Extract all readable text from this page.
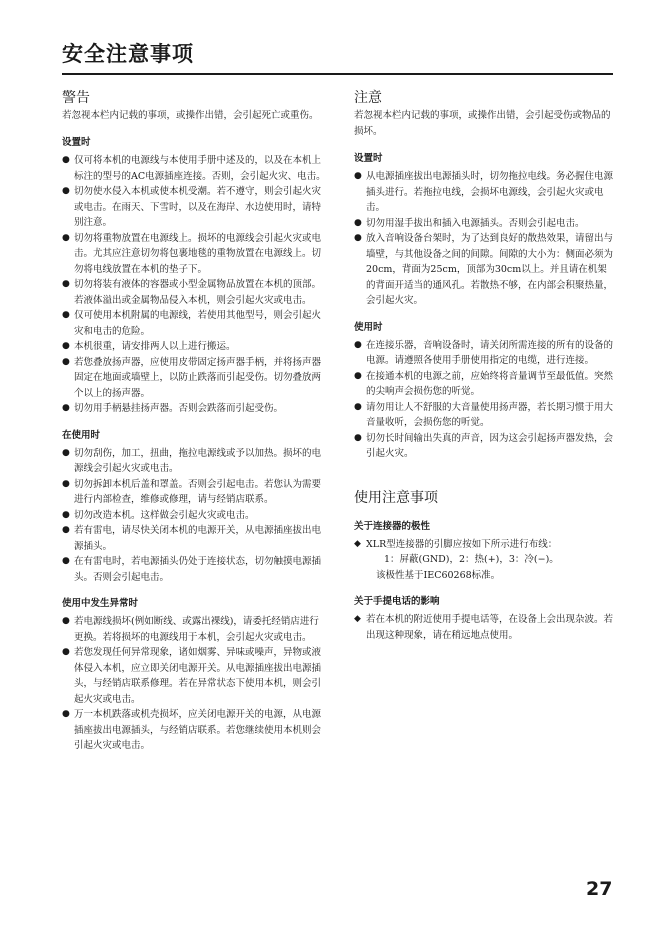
安全注意事项
警告

若忽视本栏内记载的事项，或操作出错，会引起死亡或重伤。

设置时
● 仅可将本机的电源线与本使用手册中述及的，以及在本机上标注的型号的AC电源插座连接。否则，会引起火灾、电击。
● 切勿使水侵入本机或使本机受潮。若不遵守，则会引起火灾或电击。在雨天、下雪时，以及在海岸、水边使用时，请特别注意。
● 切勿将重物放置在电源线上。损坏的电源线会引起火灾或电击。尤其应注意切勿将包裹地毯的重物放置在电源线上。切勿将电线放置在本机的垫子下。
● 切勿将装有液体的容器或小型金属物品放置在本机的顶部。若液体溢出或金属物品侵入本机，则会引起火灾或电击。
● 仅可使用本机附属的电源线，若使用其他型号，则会引起火灾和电击的危险。
● 本机很重，请安排两人以上进行搬运。
● 若您叠放扬声器，应使用皮带固定扬声器手柄，并将扬声器固定在地面或墙壁上，以防止跌落而引起受伤。切勿叠放两个以上的扬声器。
● 切勿用手柄悬挂扬声器。否则会跌落而引起受伤。
在使用时
● 切勿刮伤，加工，扭曲，拖拉电源线或予以加热。损坏的电源线会引起火灾或电击。
● 切勿拆卸本机后盖和罩盖。否则会引起电击。若您认为需要进行内部检查，维修或修理，请与经销店联系。
● 切勿改造本机。这样做会引起火灾或电击。
● 若有雷电，请尽快关闭本机的电源开关，从电源插座拔出电源插头。
● 在有雷电时，若电源插头仍处于连接状态，切勿触摸电源插头。否则会引起电击。
使用中发生异常时
● 若电源线损坏(例如断线、或露出裸线)，请委托经销店进行更换。若将损坏的电源线用于本机，会引起火灾或电击。
● 若您发现任何异常现象，诸如烟雾、异味或噪声，异物或液体侵入本机，应立即关闭电源开关。从电源插座拔出电源插头，与经销店联系修理。若在异常状态下使用本机，则会引起火灾或电击。
● 万一本机跌落或机壳损坏，应关闭电源开关的电源，从电源插座拔出电源插头，与经销店联系。若您继续使用本机则会引起火灾或电击。
注意

若忽视本栏内记载的事项，或操作出错，会引起受伤或物品的损坏。

设置时
● 从电源插座拔出电源插头时，切勿拖拉电线。务必握住电源插头进行。若拖拉电线，会损坏电源线，会引起火灾或电击。
● 切勿用湿手拔出和插入电源插头。否则会引起电击。
● 放入音响设备台架时，为了达到良好的散热效果，请留出与墙壁，与其他设备之间的间隙。间隙的大小为：侧面必须为20cm，背面为25cm，顶部为30cm以上。并且请在机架的背面开适当的通风孔。若散热不够，在内部会积聚热量，会引起火灾。
使用时
● 在连接乐器，音响设备时，请关闭所需连接的所有的设备的电源。请遵照各使用手册使用指定的电缆，进行连接。
● 在接通本机的电源之前，应始终将音量调节至最低值。突然的尖响声会损伤您的听觉。
● 请勿用让人不舒服的大音量使用扬声器，若长期习惯于用大音量收听，会损伤您的听觉。
● 切勿长时间输出失真的声音，因为这会引起扬声器发热，会引起火灾。
使用注意事项
关于连接器的极性
◆ XLR型连接器的引脚应按如下所示进行布线：
1：屏蔽(GND)，2：热(+)，3：冷(−)。
该极性基于IEC60268标准。
关于手提电话的影响
◆ 若在本机的附近使用手提电话等，在设备上会出现杂波。若出现这种现象，请在稍远地点使用。

27
